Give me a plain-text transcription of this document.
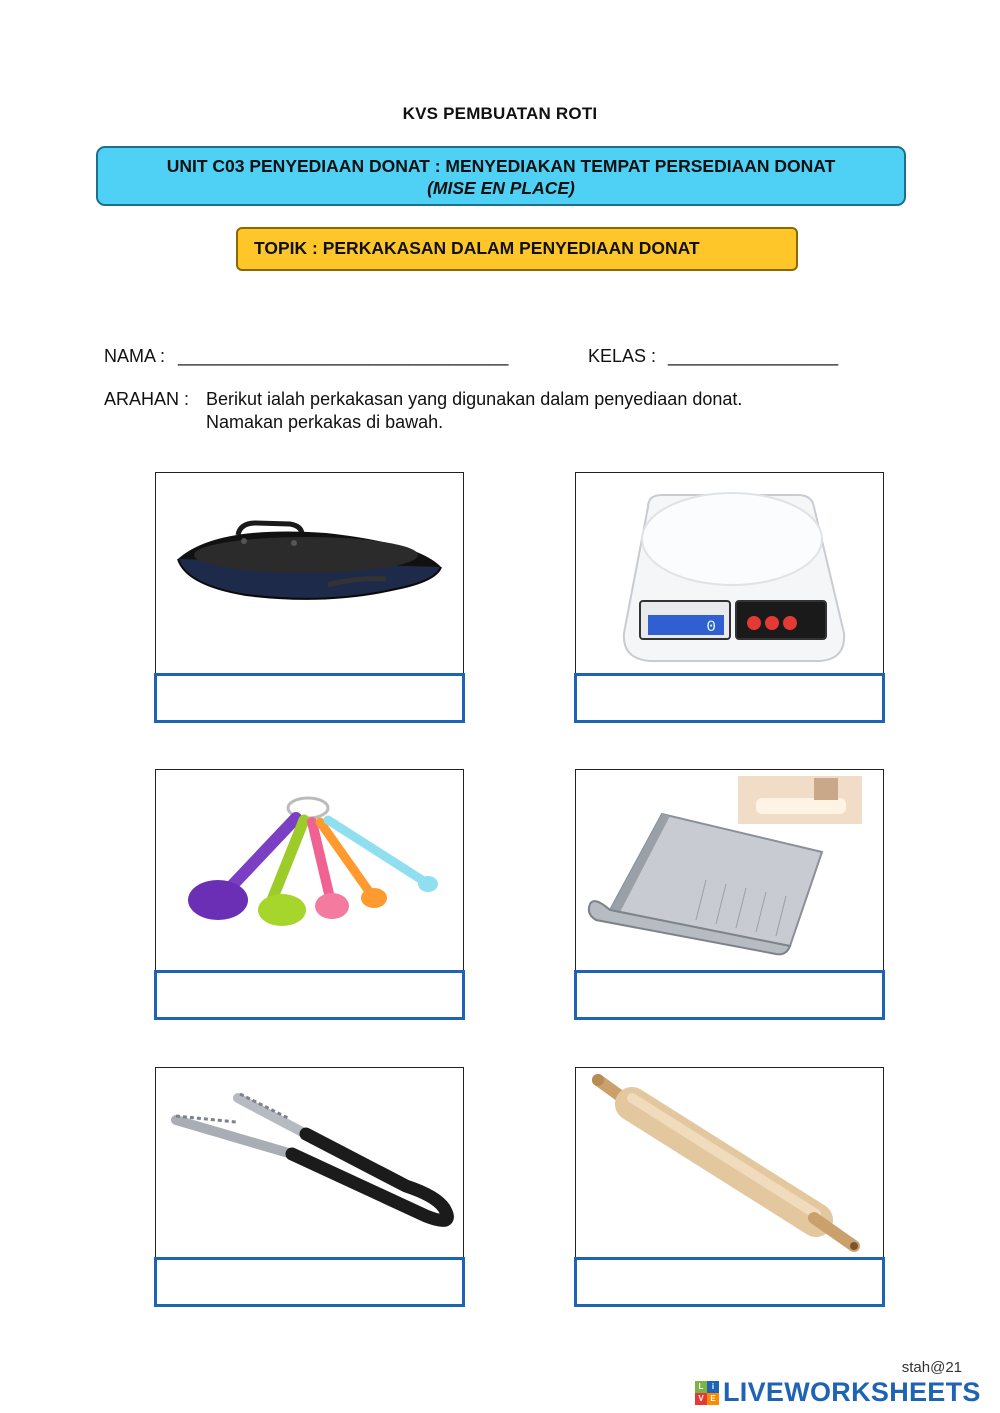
KVS PEMBUATAN ROTI
UNIT C03 PENYEDIAAN DONAT : MENYEDIAKAN TEMPAT PERSEDIAAN DONAT
(MISE EN PLACE)
TOPIK : PERKAKASAN DALAM PENYEDIAAN DONAT
NAMA : _________________________________	KELAS : _________________
ARAHAN : Berikut ialah perkakasan yang digunakan dalam penyediaan donat.
Namakan perkakas di bawah.
0
stah@21
L	i
V E LIVEWORKSHEETS
